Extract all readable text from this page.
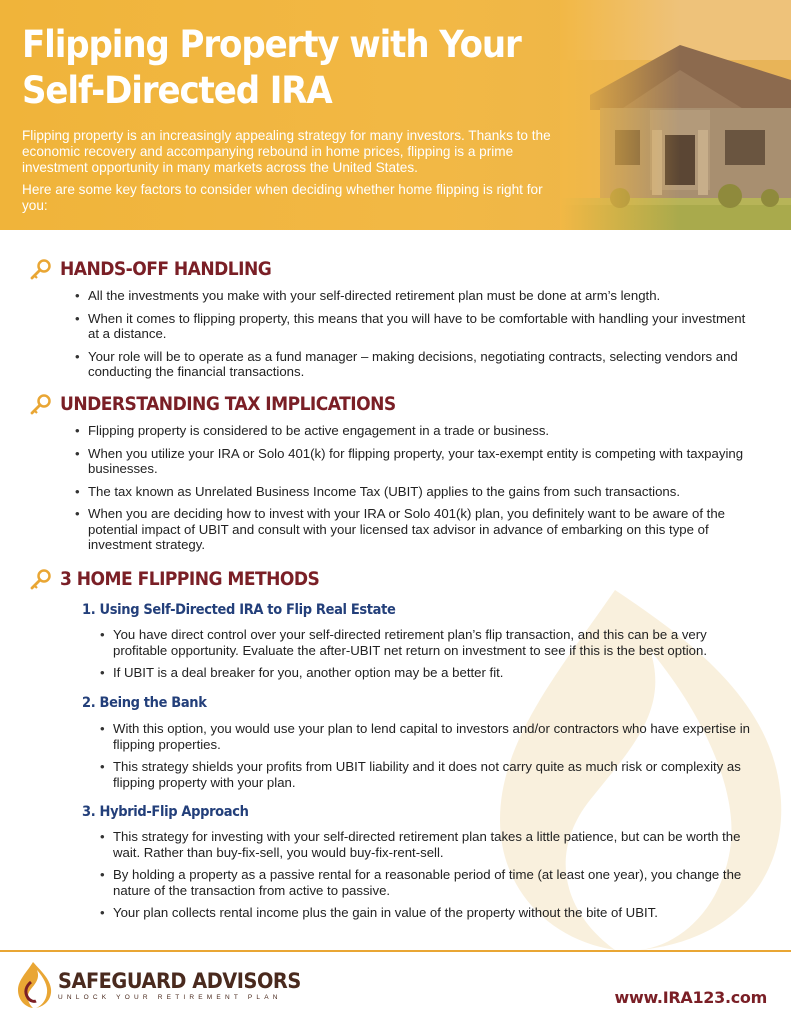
Flipping Property with Your
Self-Directed IRA

Flipping property is an increasingly appealing strategy for many investors. Thanks to the economic recovery and accompanying rebound in home prices, flipping is a prime investment opportunity in many markets across the United States.

Here are some key factors to consider when deciding whether home flipping is right for you:

HANDS-OFF HANDLING
• All the investments you make with your self-directed retirement plan must be done at arm’s length.
• When it comes to flipping property, this means that you will have to be comfortable with handling your investment at a distance.
• Your role will be to operate as a fund manager – making decisions, negotiating contracts, selecting vendors and conducting the financial transactions.
UNDERSTANDING TAX IMPLICATIONS
• Flipping property is considered to be active engagement in a trade or business.
• When you utilize your IRA or Solo 401(k) for flipping property, your tax-exempt entity is competing with taxpaying businesses.
• The tax known as Unrelated Business Income Tax (UBIT) applies to the gains from such transactions.
• When you are deciding how to invest with your IRA or Solo 401(k) plan, you definitely want to be aware of the potential impact of UBIT and consult with your licensed tax advisor in advance of embarking on this type of investment strategy.
3 HOME FLIPPING METHODS
1. Using Self-Directed IRA to Flip Real Estate
• You have direct control over your self-directed retirement plan’s flip transaction, and this can be a very profitable opportunity. Evaluate the after-UBIT net return on investment to see if this is the best option.
• If UBIT is a deal breaker for you, another option may be a better fit.
2. Being the Bank
• With this option, you would use your plan to lend capital to investors and/or contractors who have expertise in flipping properties.
• This strategy shields your profits from UBIT liability and it does not carry quite as much risk or complexity as flipping property with your plan.
3. Hybrid-Flip Approach
• This strategy for investing with your self-directed retirement plan takes a little patience, but can be worth the wait. Rather than buy-fix-sell, you would buy-fix-rent-sell.
• By holding a property as a passive rental for a reasonable period of time (at least one year), you change the nature of the transaction from active to passive.
• Your plan collects rental income plus the gain in value of the property without the bite of UBIT.
SAFEGUARD ADVISORS
UNLOCK YOUR RETIREMENT PLAN	www.IRA123.com
